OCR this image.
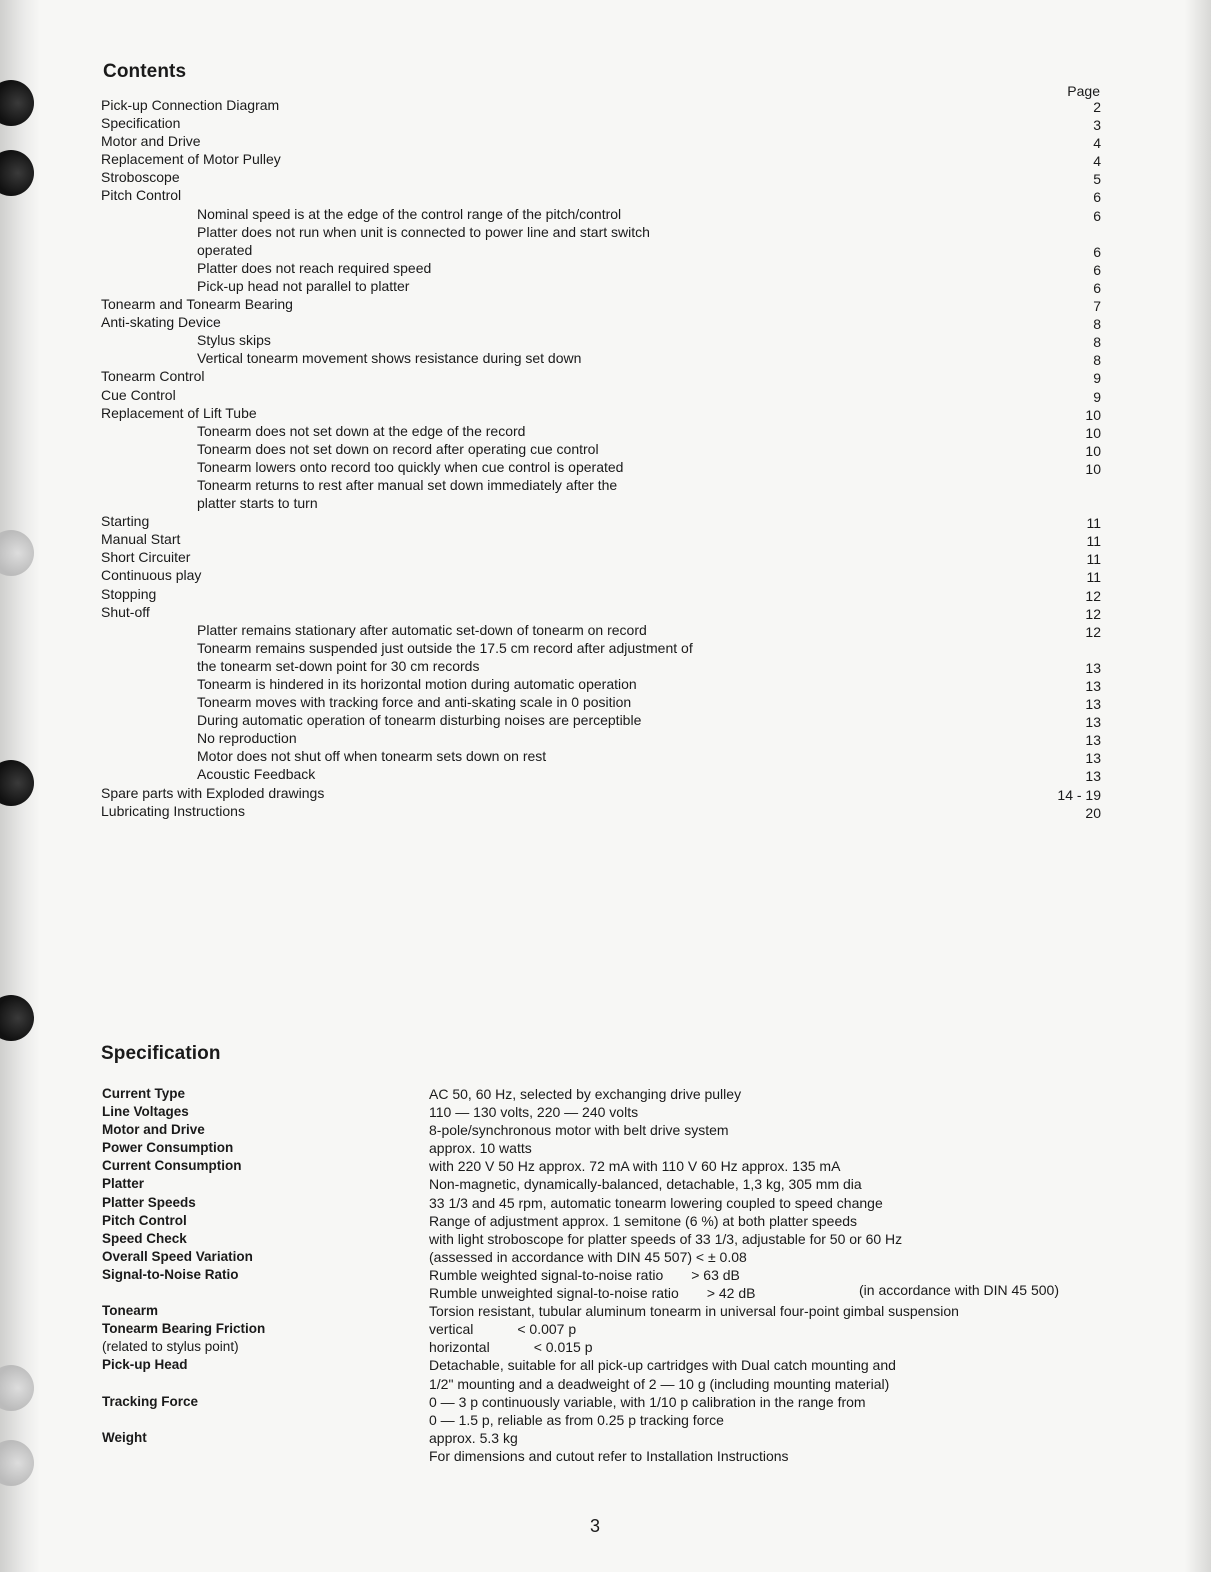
Contents
Page
Pick-up Connection Diagram	2
Specification	3
Motor and Drive	4
Replacement of Motor Pulley	4
Stroboscope	5
Pitch Control	6
Nominal speed is at the edge of the control range of the pitch/control	6
Platter does not run when unit is connected to power line and start switch
operated	6
Platter does not reach required speed	6
Pick-up head not parallel to platter	6
Tonearm and Tonearm Bearing	7
Anti-skating Device	8
Stylus skips	8
Vertical tonearm movement shows resistance during set down	8
Tonearm Control	9
Cue Control	9
Replacement of Lift Tube	10
Tonearm does not set down at the edge of the record	10
Tonearm does not set down on record after operating cue control	10
Tonearm lowers onto record too quickly when cue control is operated	10
Tonearm returns to rest after manual set down immediately after the
platter starts to turn
Starting	11
Manual Start	11
Short Circuiter	11
Continuous play	11
Stopping	12
Shut-off	12
Platter remains stationary after automatic set-down of tonearm on record	12
Tonearm remains suspended just outside the 17.5 cm record after adjustment of
the tonearm set-down point for 30 cm records	13
Tonearm is hindered in its horizontal motion during automatic operation	13
Tonearm moves with tracking force and anti-skating scale in 0 position	13
During automatic operation of tonearm disturbing noises are perceptible	13
No reproduction	13
Motor does not shut off when tonearm sets down on rest	13
Acoustic Feedback	13
Spare parts with Exploded drawings	14 - 19
Lubricating Instructions	20
Specification
Current Type	AC 50, 60 Hz, selected by exchanging drive pulley
Line Voltages	110 — 130 volts, 220 — 240 volts
Motor and Drive	8-pole/synchronous motor with belt drive system
Power Consumption	approx. 10 watts
Current Consumption	with 220 V 50 Hz approx. 72 mA with 110 V 60 Hz approx. 135 mA
Platter	Non-magnetic, dynamically-balanced, detachable, 1,3 kg, 305 mm dia
Platter Speeds	33 1/3 and 45 rpm, automatic tonearm lowering coupled to speed change
Pitch Control	Range of adjustment approx. 1 semitone (6 %) at both platter speeds
Speed Check	with light stroboscope for platter speeds of 33 1/3, adjustable for 50 or 60 Hz
Overall Speed Variation	(assessed in accordance with DIN 45 507) < ± 0.08
Signal-to-Noise Ratio	Rumble weighted signal-to-noise ratio > 63 dB
Rumble unweighted signal-to-noise ratio > 42 dB	(in accordance with DIN 45 500)
Tonearm	Torsion resistant, tubular aluminum tonearm in universal four-point gimbal suspension
Tonearm Bearing Friction	vertical	< 0.007 p
(related to stylus point)	horizontal	< 0.015 p
Pick-up Head	Detachable, suitable for all pick-up cartridges with Dual catch mounting and
1/2" mounting and a deadweight of 2 — 10 g (including mounting material)
Tracking Force	0 — 3 p continuously variable, with 1/10 p calibration in the range from
0 — 1.5 p, reliable as from 0.25 p tracking force
Weight	approx. 5.3 kg
For dimensions and cutout refer to Installation Instructions
3
